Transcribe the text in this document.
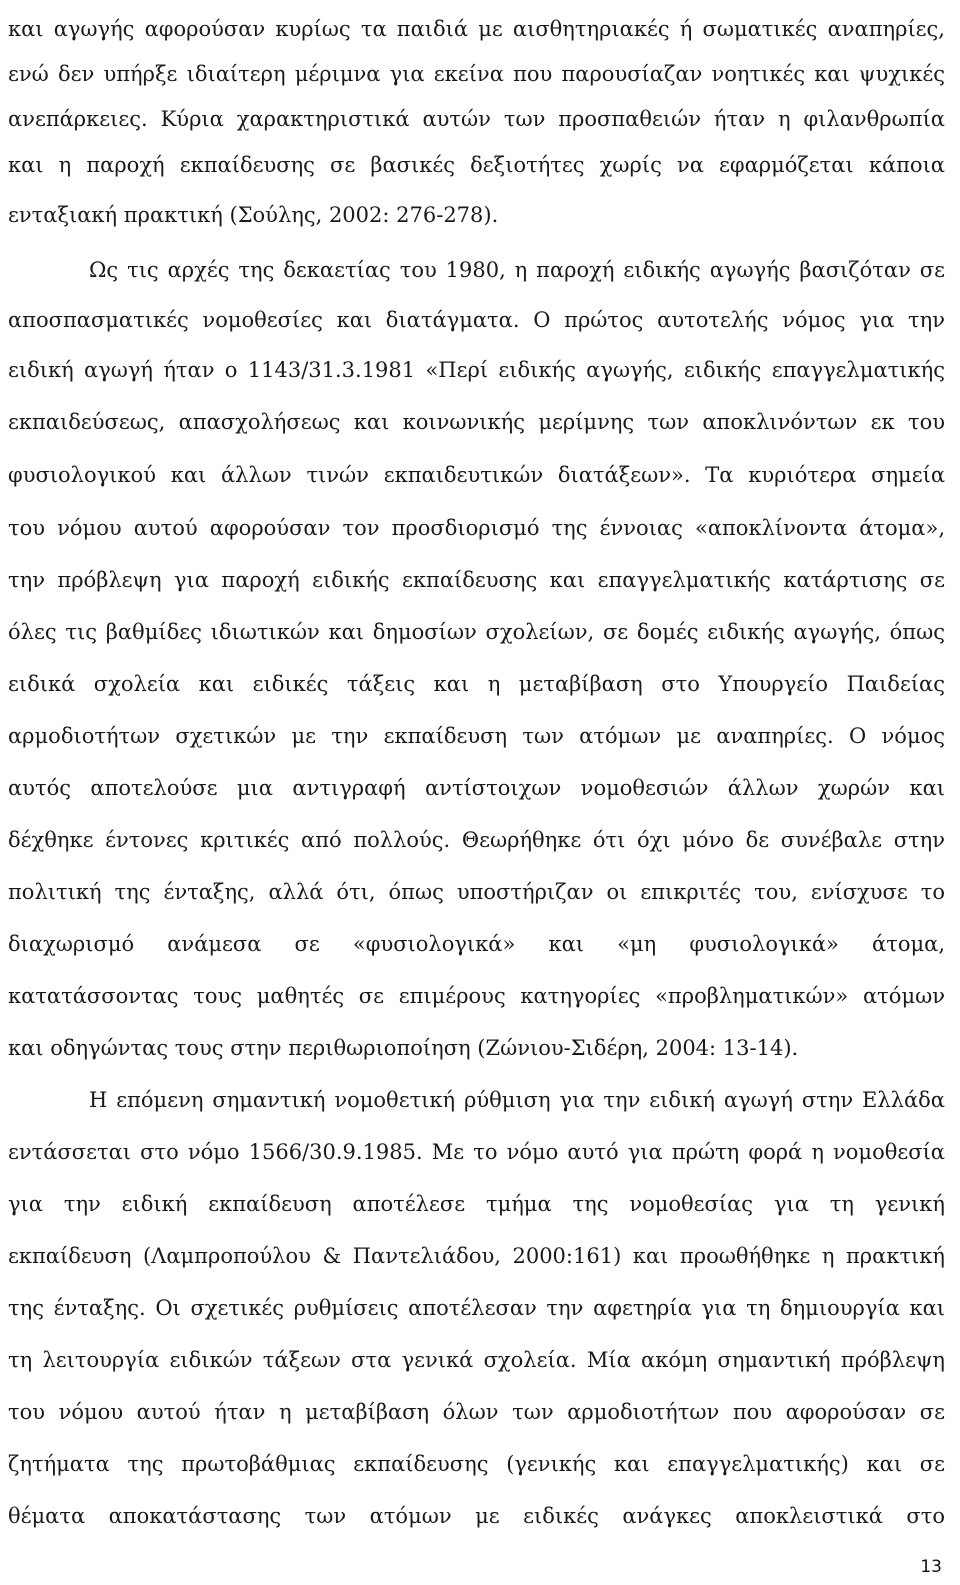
και αγωγής αφορούσαν κυρίως τα παιδιά με αισθητηριακές ή σωματικές αναπηρίες,
ενώ δεν υπήρξε ιδιαίτερη μέριμνα για εκείνα που παρουσίαζαν νοητικές και ψυχικές
ανεπάρκειες. Κύρια χαρακτηριστικά αυτών των προσπαθειών ήταν η φιλανθρωπία
και η παροχή εκπαίδευσης σε βασικές δεξιοτήτες χωρίς να εφαρμόζεται κάποια
ενταξιακή πρακτική (Σούλης, 2002: 276-278).
Ως τις αρχές της δεκαετίας του 1980, η παροχή ειδικής αγωγής βασιζόταν σε
αποσπασματικές νομοθεσίες και διατάγματα. Ο πρώτος αυτοτελής νόμος για την
ειδική αγωγή ήταν ο 1143/31.3.1981 «Περί ειδικής αγωγής, ειδικής επαγγελματικής
εκπαιδεύσεως, απασχολήσεως και κοινωνικής μερίμνης των αποκλινόντων εκ του
φυσιολογικού και άλλων τινών εκπαιδευτικών διατάξεων». Τα κυριότερα σημεία
του νόμου αυτού αφορούσαν τον προσδιορισμό της έννοιας «αποκλίνοντα άτομα»,
την πρόβλεψη για παροχή ειδικής εκπαίδευσης και επαγγελματικής κατάρτισης σε
όλες τις βαθμίδες ιδιωτικών και δημοσίων σχολείων, σε δομές ειδικής αγωγής, όπως
ειδικά σχολεία και ειδικές τάξεις και η μεταβίβαση στο Υπουργείο Παιδείας
αρμοδιοτήτων σχετικών με την εκπαίδευση των ατόμων με αναπηρίες. Ο νόμος
αυτός αποτελούσε μια αντιγραφή αντίστοιχων νομοθεσιών άλλων χωρών και
δέχθηκε έντονες κριτικές από πολλούς. Θεωρήθηκε ότι όχι μόνο δε συνέβαλε στην
πολιτική της ένταξης, αλλά ότι, όπως υποστήριζαν οι επικριτές του, ενίσχυσε το
διαχωρισμό ανάμεσα σε «φυσιολογικά» και «μη φυσιολογικά» άτομα,
κατατάσσοντας τους μαθητές σε επιμέρους κατηγορίες «προβληματικών» ατόμων
και οδηγώντας τους στην περιθωριοποίηση (Ζώνιου-Σιδέρη, 2004: 13-14).
Η επόμενη σημαντική νομοθετική ρύθμιση για την ειδική αγωγή στην Ελλάδα
εντάσσεται στο νόμο 1566/30.9.1985. Με το νόμο αυτό για πρώτη φορά η νομοθεσία
για την ειδική εκπαίδευση αποτέλεσε τμήμα της νομοθεσίας για τη γενική
εκπαίδευση (Λαμπροπούλου & Παντελιάδου, 2000:161) και προωθήθηκε η πρακτική
της ένταξης. Οι σχετικές ρυθμίσεις αποτέλεσαν την αφετηρία για τη δημιουργία και
τη λειτουργία ειδικών τάξεων στα γενικά σχολεία. Μία ακόμη σημαντική πρόβλεψη
του νόμου αυτού ήταν η μεταβίβαση όλων των αρμοδιοτήτων που αφορούσαν σε
ζητήματα της πρωτοβάθμιας εκπαίδευσης (γενικής και επαγγελματικής) και σε
θέματα αποκατάστασης των ατόμων με ειδικές ανάγκες αποκλειστικά στο
13
